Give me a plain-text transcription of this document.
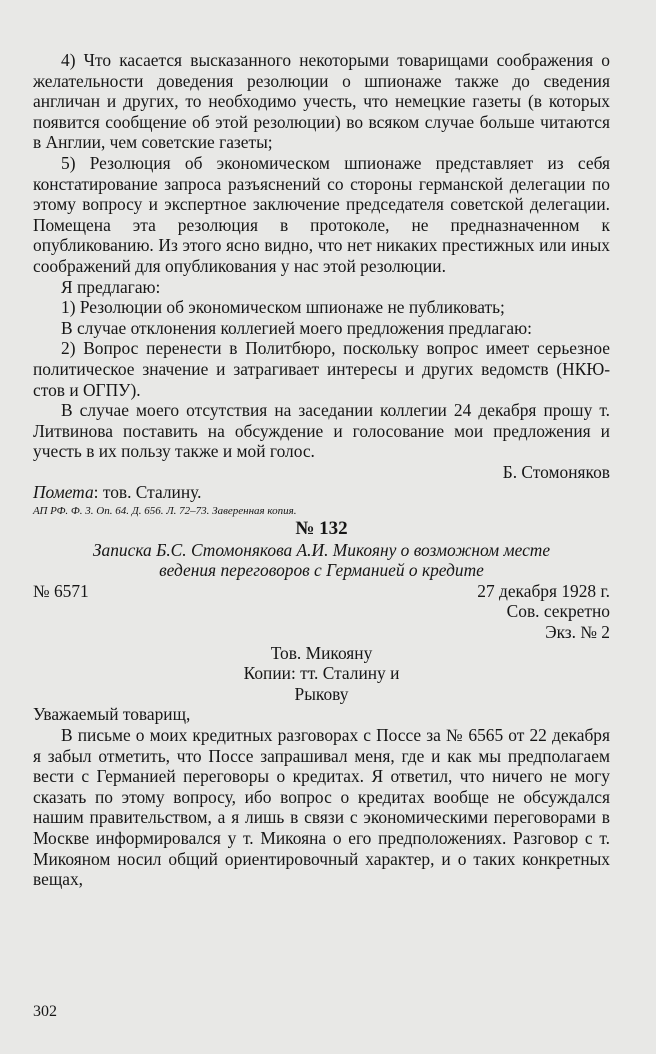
4) Что касается высказанного некоторыми товарищами соображения о желательности доведения резолюции о шпионаже также до сведения англичан и других, то необходимо учесть, что немецкие газеты (в которых появится сообщение об этой резолюции) во всяком случае больше читаются в Англии, чем советские газеты;

5) Резолюция об экономическом шпионаже представляет из себя констатирование запроса разъяснений со стороны германской делегации по этому вопросу и экспертное заключение председателя советской делегации. Помещена эта резолюция в протоколе, не предназначенном к опубликованию. Из этого ясно видно, что нет никаких престижных или иных соображений для опубликования у нас этой резолюции.

Я предлагаю:

1) Резолюции об экономическом шпионаже не публиковать;

В случае отклонения коллегией моего предложения предлагаю:

2) Вопрос перенести в Политбюро, поскольку вопрос имеет серьезное политическое значение и затрагивает интересы и других ведомств (НКЮ-стов и ОГПУ).

В случае моего отсутствия на заседании коллегии 24 декабря прошу т. Литвинова поставить на обсуждение и голосование мои предложения и учесть в их пользу также и мой голос.

Б. Стомоняков

Помета: тов. Сталину.

АП РФ. Ф. 3. Оп. 64. Д. 656. Л. 72–73. Заверенная копия.

№ 132

Записка Б.С. Стомонякова А.И. Микояну о возможном месте

ведения переговоров с Германией о кредите

№ 6571	27 декабря 1928 г.

Сов. секретно

Экз. № 2

Тов. Микояну

Копии: тт. Сталину и

Рыкову

Уважаемый товарищ,

В письме о моих кредитных разговорах с Поссе за № 6565 от 22 декабря я забыл отметить, что Поссе запрашивал меня, где и как мы предполагаем вести с Германией переговоры о кредитах. Я ответил, что ничего не могу сказать по этому вопросу, ибо вопрос о кредитах вообще не обсуждался нашим правительством, а я лишь в связи с экономическими переговорами в Москве информировался у т. Микояна о его предположениях. Разговор с т. Микояном носил общий ориентировочный характер, и о таких конкретных вещах,

302
